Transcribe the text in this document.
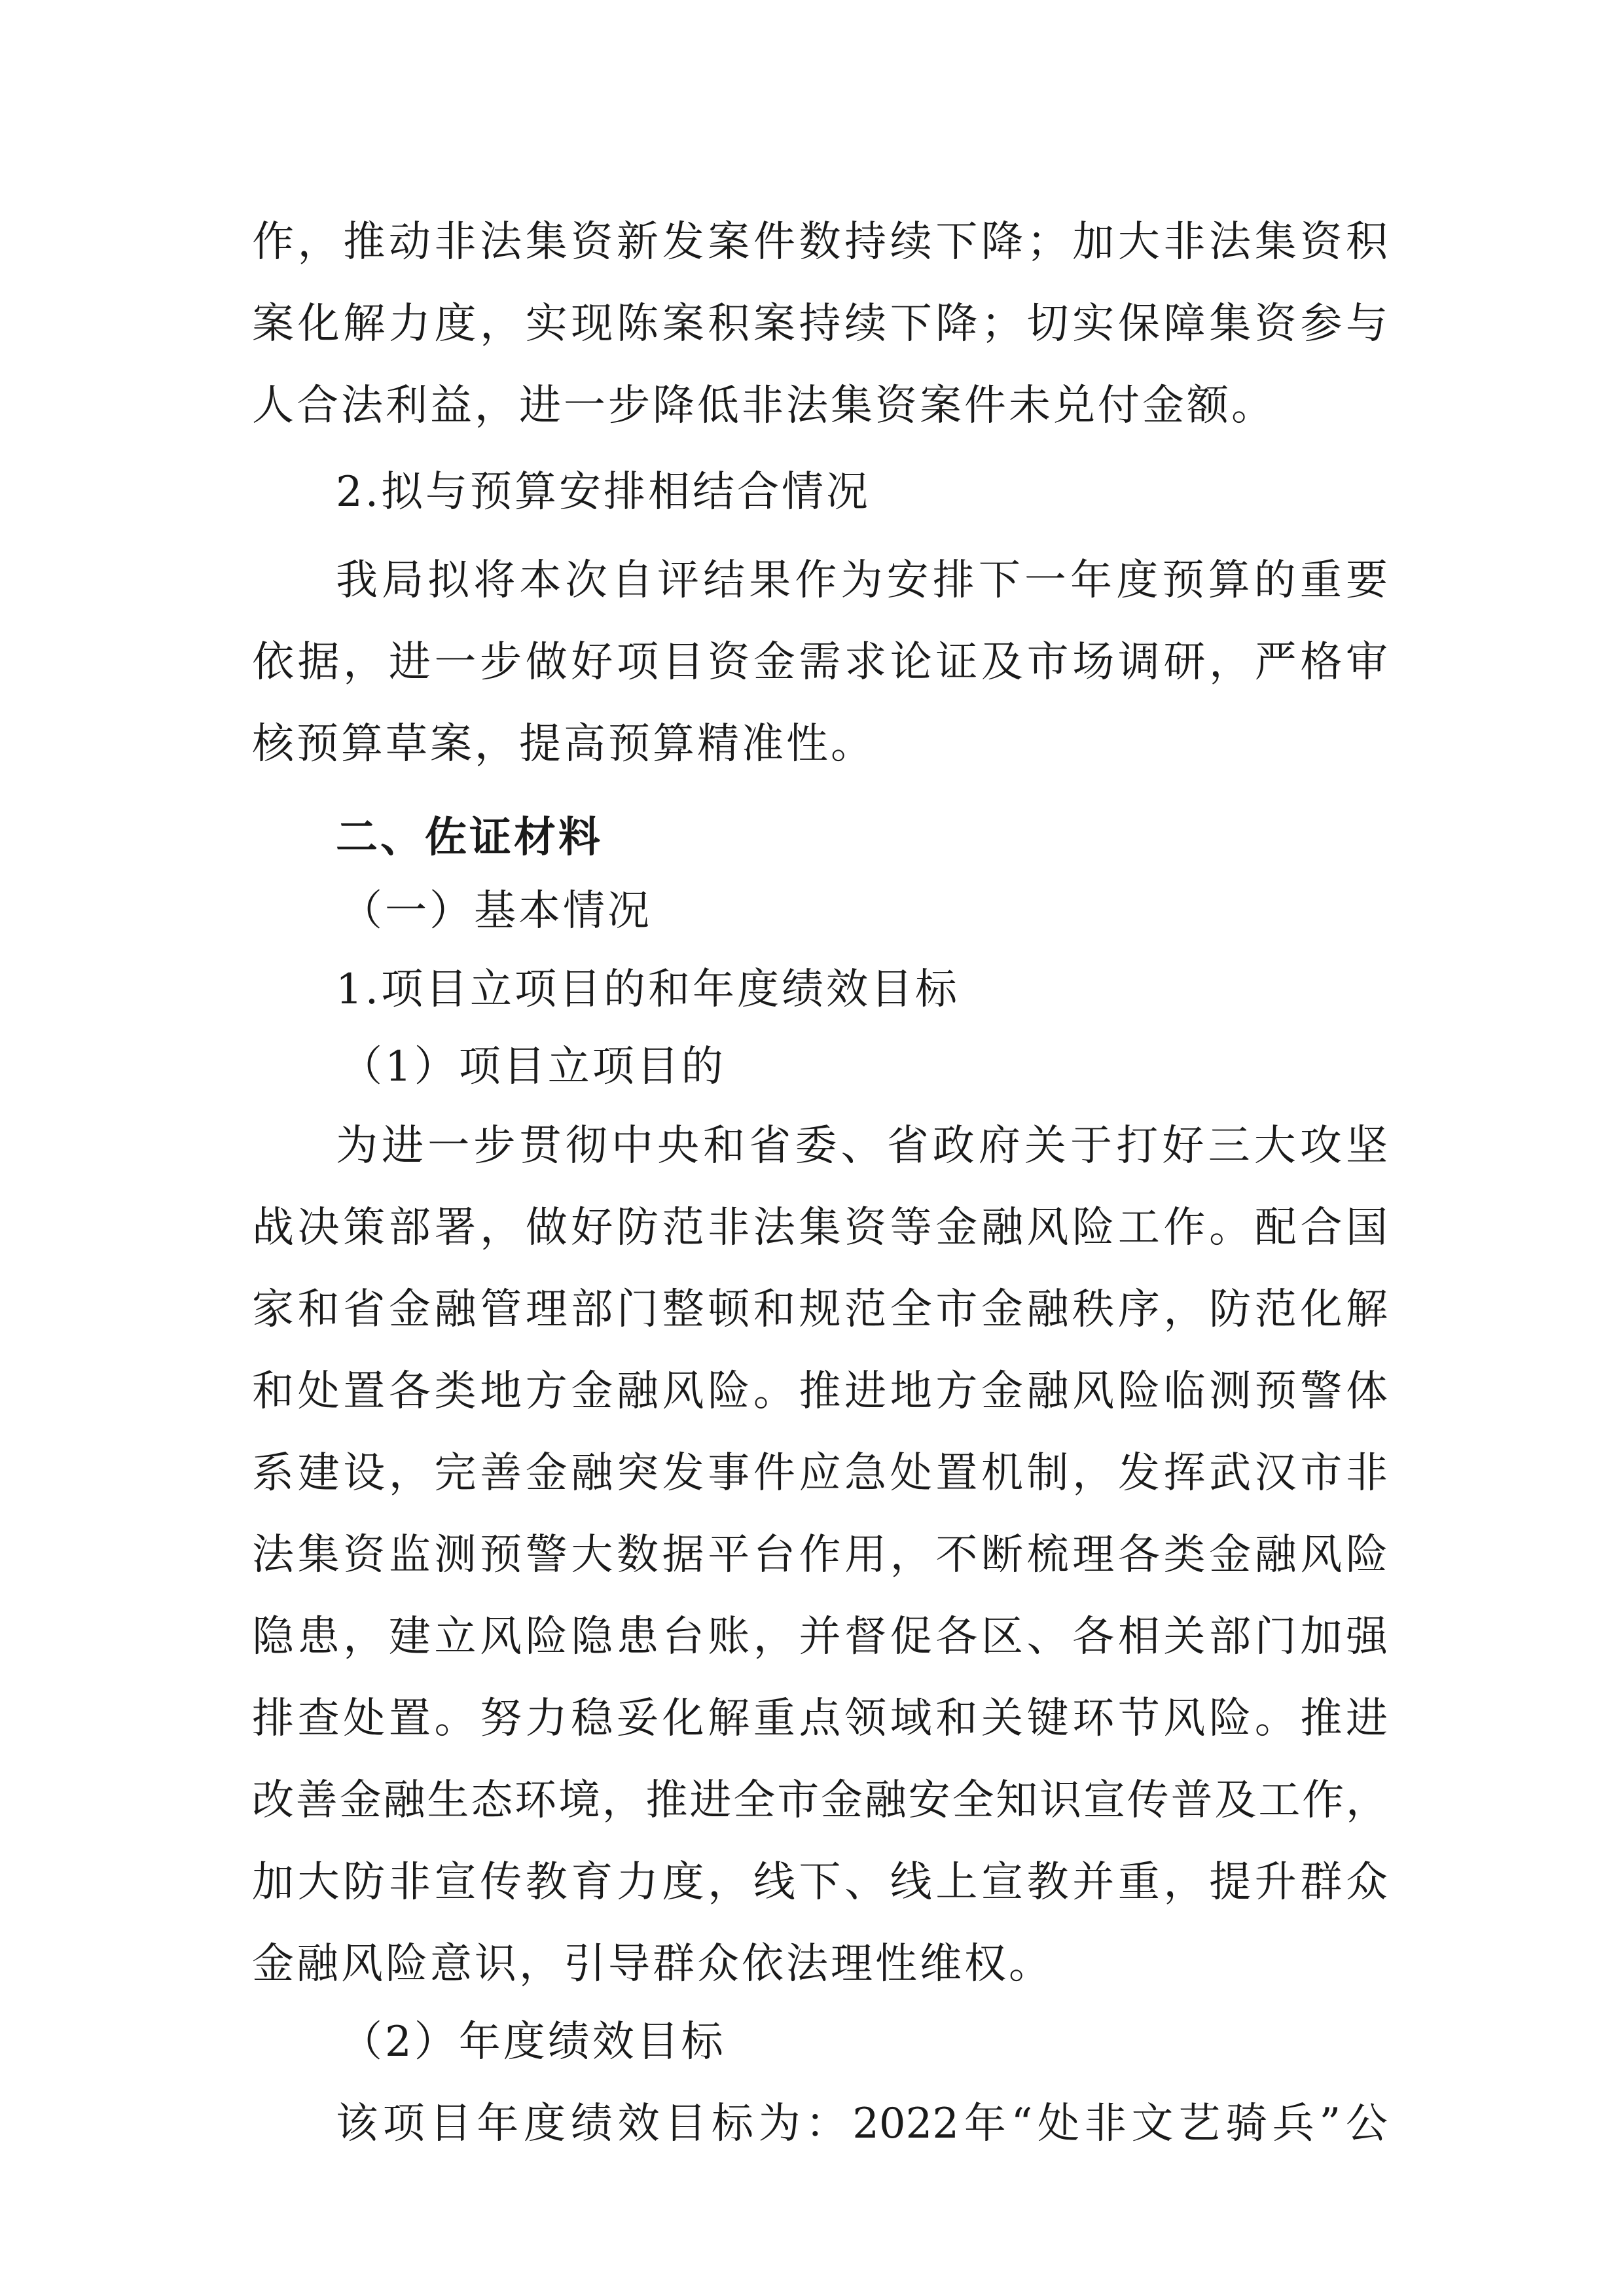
作，推动非法集资新发案件数持续下降；加大非法集资积

案化解力度，实现陈案积案持续下降；切实保障集资参与

人合法利益，进一步降低非法集资案件未兑付金额。

2.拟与预算安排相结合情况

我局拟将本次自评结果作为安排下一年度预算的重要

依据，进一步做好项目资金需求论证及市场调研，严格审

核预算草案，提高预算精准性。

二、佐证材料

（一）基本情况

1.项目立项目的和年度绩效目标

（1）项目立项目的

为进一步贯彻中央和省委、省政府关于打好三大攻坚

战决策部署，做好防范非法集资等金融风险工作。配合国

家和省金融管理部门整顿和规范全市金融秩序，防范化解

和处置各类地方金融风险。推进地方金融风险临测预警体

系建设，完善金融突发事件应急处置机制，发挥武汉市非

法集资监测预警大数据平台作用，不断梳理各类金融风险

隐患，建立风险隐患台账，并督促各区、各相关部门加强

排查处置。努力稳妥化解重点领域和关键环节风险。推进

改善金融生态环境，推进全市金融安全知识宣传普及工作，

加大防非宣传教育力度，线下、线上宣教并重，提升群众

金融风险意识，引导群众依法理性维权。

（2）年度绩效目标

该项目年度绩效目标为：2022年“处非文艺骑兵”公
